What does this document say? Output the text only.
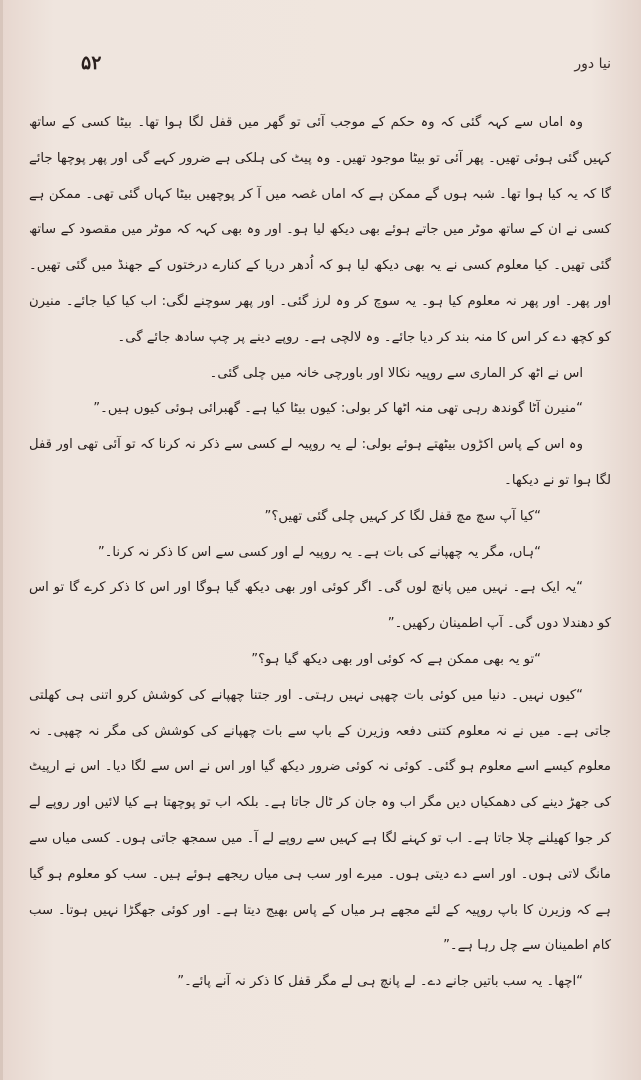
۵۲	نیا دور

وہ اماں سے کہہ گئی کہ وہ حکم کے موجب آئی تو گھر میں قفل لگا ہوا تھا۔ بیٹا کسی کے ساتھ کہیں گئی ہوئی تھیں۔ پھر آئی تو بیٹا موجود تھیں۔ وہ پیٹ کی ہلکی ہے ضرور کہے گی اور پھر پوچھا جائے گا کہ یہ کیا ہوا تھا۔ شبہ ہوں گے ممکن ہے کہ اماں غصہ میں آ کر پوچھیں بیٹا کہاں گئی تھی۔ ممکن ہے کسی نے ان کے ساتھ موٹر میں جاتے ہوئے بھی دیکھ لیا ہو۔ اور وہ بھی کہہ کہ موٹر میں مقصود کے ساتھ گئی تھیں۔ کیا معلوم کسی نے یہ بھی دیکھ لیا ہو کہ اُدھر دریا کے کنارے درختوں کے جھنڈ میں گئی تھیں۔ اور پھر۔ اور پھر نہ معلوم کیا ہو۔ یہ سوچ کر وہ لرز گئی۔ اور پھر سوچنے لگی: اب کیا کیا جائے۔ منیرن کو کچھ دے کر اس کا منہ بند کر دیا جائے۔ وہ لالچی ہے۔ روپے دینے پر چپ سادھ جائے گی۔

اس نے اٹھ کر الماری سے روپیہ نکالا اور باورچی خانہ میں چلی گئی۔

“منیرن آٹا گوندھ رہی تھی منہ اٹھا کر بولی: کیوں بیٹا کیا ہے۔ گھبرائی ہوئی کیوں ہیں۔”

وہ اس کے پاس اکڑوں بیٹھتے ہوئے بولی: لے یہ روپیہ لے کسی سے ذکر نہ کرنا کہ تو آئی تھی اور قفل لگا ہوا تو نے دیکھا۔

“کیا آپ سچ مچ قفل لگا کر کہیں چلی گئی تھیں؟”

“ہاں، مگر یہ چھپانے کی بات ہے۔ یہ روپیہ لے اور کسی سے اس کا ذکر نہ کرنا۔”

“یہ ایک ہے۔ نہیں میں پانچ لوں گی۔ اگر کوئی اور بھی دیکھ گیا ہوگا اور اس کا ذکر کرے گا تو اس کو دھندلا دوں گی۔ آپ اطمینان رکھیں۔”

“تو یہ بھی ممکن ہے کہ کوئی اور بھی دیکھ گیا ہو؟”

“کیوں نہیں۔ دنیا میں کوئی بات چھپی نہیں رہتی۔ اور جتنا چھپانے کی کوشش کرو اتنی ہی کھلتی جاتی ہے۔ میں نے نہ معلوم کتنی دفعہ وزیرن کے باپ سے بات چھپانے کی کوشش کی مگر نہ چھپی۔ نہ معلوم کیسے اسے معلوم ہو گئی۔ کوئی نہ کوئی ضرور دیکھ گیا اور اس نے اس سے لگا دیا۔ اس نے ارپیٹ کی جھڑ دینے کی دھمکیاں دیں مگر اب وہ جان کر ٹال جاتا ہے۔ بلکہ اب تو پوچھتا ہے کیا لائیں اور روپے لے کر جوا کھیلنے چلا جاتا ہے۔ اب تو کہنے لگا ہے کہیں سے روپے لے آ۔ میں سمجھ جاتی ہوں۔ کسی میاں سے مانگ لاتی ہوں۔ اور اسے دے دیتی ہوں۔ میرے اور سب ہی میاں ریجھے ہوئے ہیں۔ سب کو معلوم ہو گیا ہے کہ وزیرن کا باپ روپیہ کے لئے مجھے ہر میاں کے پاس بھیج دیتا ہے۔ اور کوئی جھگڑا نہیں ہوتا۔ سب کام اطمینان سے چل رہا ہے۔”

“اچھا۔ یہ سب باتیں جانے دے۔ لے پانچ ہی لے مگر قفل کا ذکر نہ آنے پائے۔”
